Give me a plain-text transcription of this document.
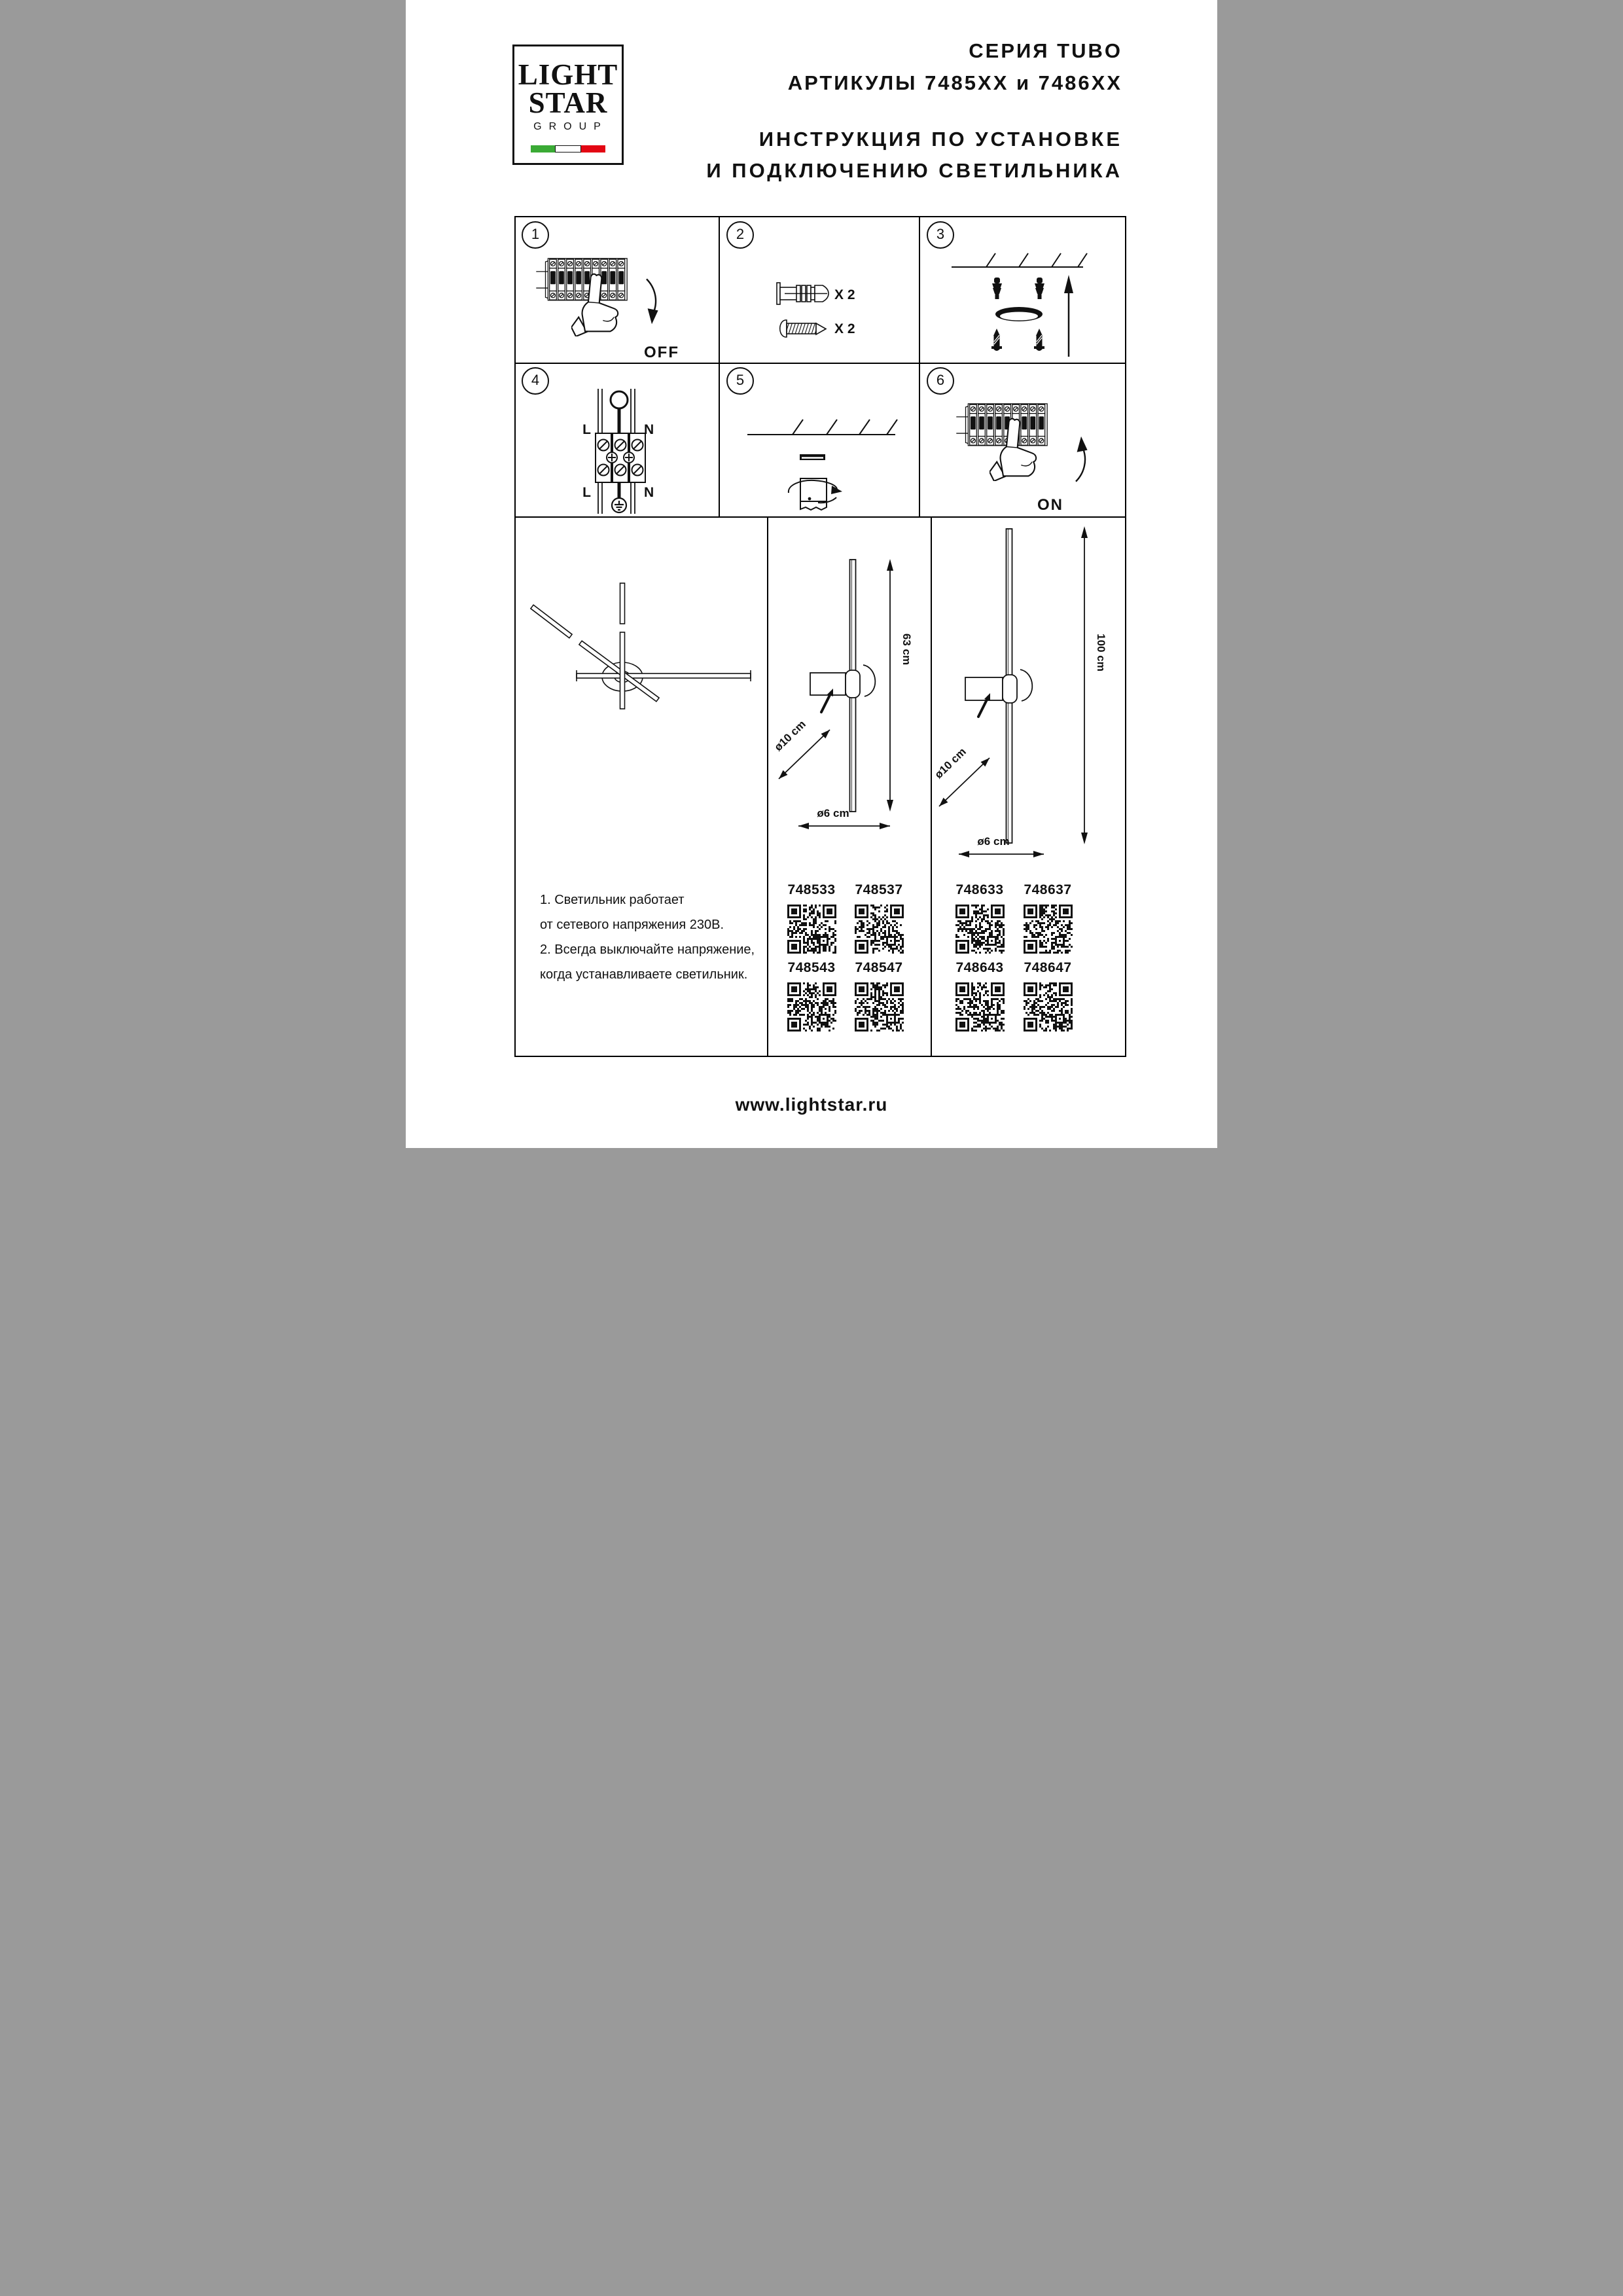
LIGHT
STAR
GROUP
СЕРИЯ TUBO
АРТИКУЛЫ 7485ХХ и 7486ХХ
ИНСТРУКЦИЯ ПО УСТАНОВКЕ
И ПОДКЛЮЧЕНИЮ СВЕТИЛЬНИКА
1	2	3
4	5	6
OFF
X 2
X 2
L	N
L	N
ON
1. Светильник работает
от сетевого напряжения 230В.
2. Всегда выключайте напряжение,
когда устанавливаете светильник.
63 cm
ø10 cm
ø6 cm
100 cm
ø10 cm
ø6 cm
748533	748537
748543	748547
748633	748637
748643	748647
www.lightstar.ru
